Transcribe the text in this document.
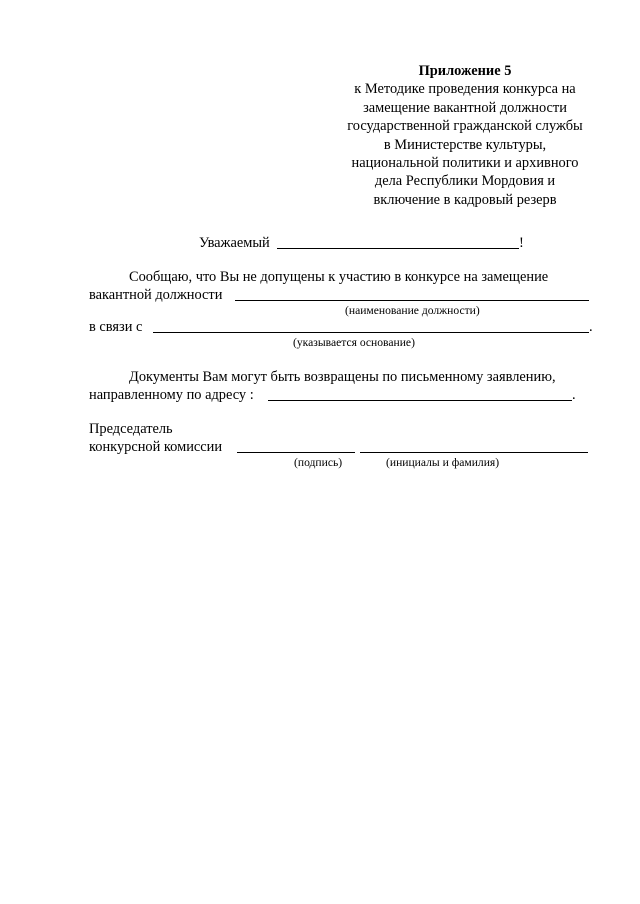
Приложение 5
к Методике проведения конкурса на
замещение вакантной должности
государственной гражданской службы
в Министерстве культуры,
национальной политики и архивного
дела Республики Мордовия и
включение в кадровый резерв
Уважаемый	!
Сообщаю, что Вы не допущены к участию в конкурсе на замещение
вакантной должности
(наименование должности)
в связи с	.
(указывается основание)
Документы Вам могут быть возвращены по письменному заявлению,
направленному по адресу :	.
Председатель
конкурсной комиссии
(подпись)	(инициалы и фамилия)
